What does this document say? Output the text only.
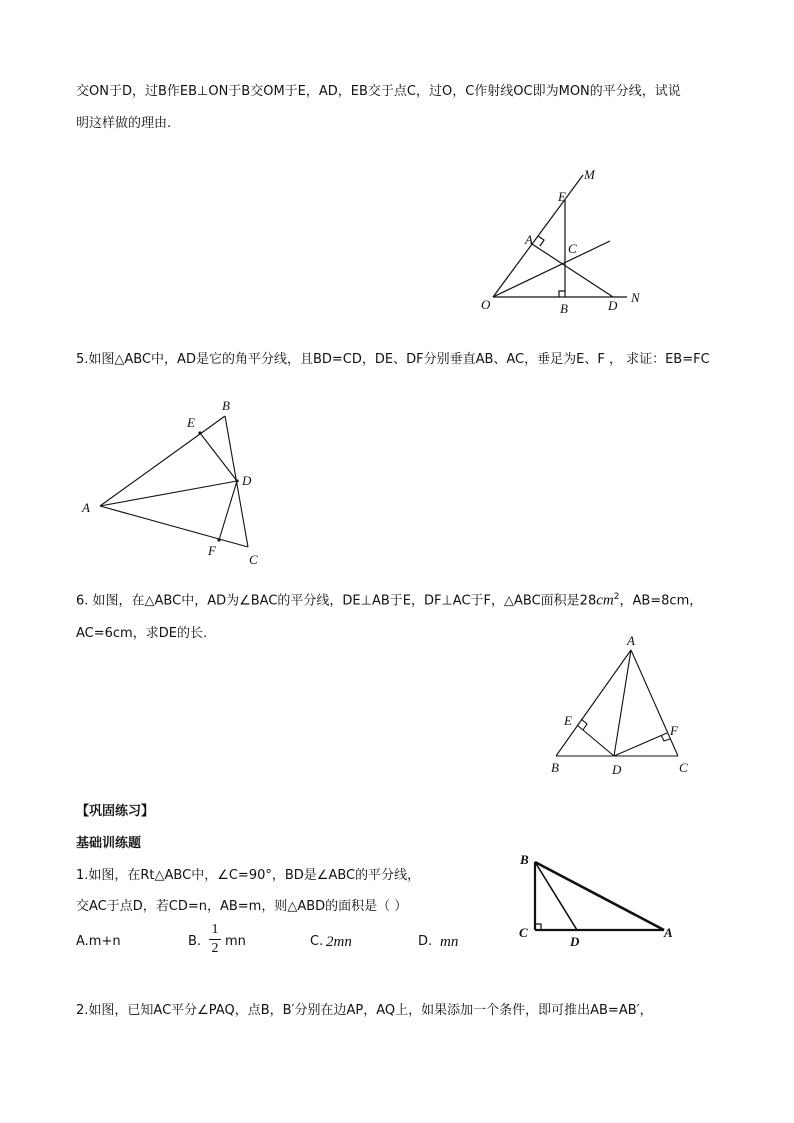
交ON于D，过B作EB⊥ON于B交OM于E，AD，EB交于点C，过O，C作射线OC即为MON的平分线，试说
明这样做的理由.
M
E
A
C
O	B	D
N
5.如图△ABC中，AD是它的角平分线，且BD=CD，DE、DF分别垂直AB、AC，垂足为E、F ， 求证：EB=FC
B
E
D
A
F
C
6. 如图，在△ABC中，AD为∠BAC的平分线，DE⊥AB于E，DF⊥AC于F，△ABC面积是$28cm^2$，AB=8cm，
AC=6cm，求DE的长.	A
E
F
B	D	C
【巩固练习】
基础训练题
1.如图，在Rt△ABC中，∠C=90°，BD是∠ABC的平分线，
交AC于点D，若CD=n，AB=m，则△ABD的面积是（ ）
A.m+n	B.
1
2 mn	C. 2mn	D. mn
B
C
D
A
2.如图，已知AC平分∠PAQ，点B，B′分别在边AP，AQ上，如果添加一个条件，即可推出AB=AB′，
